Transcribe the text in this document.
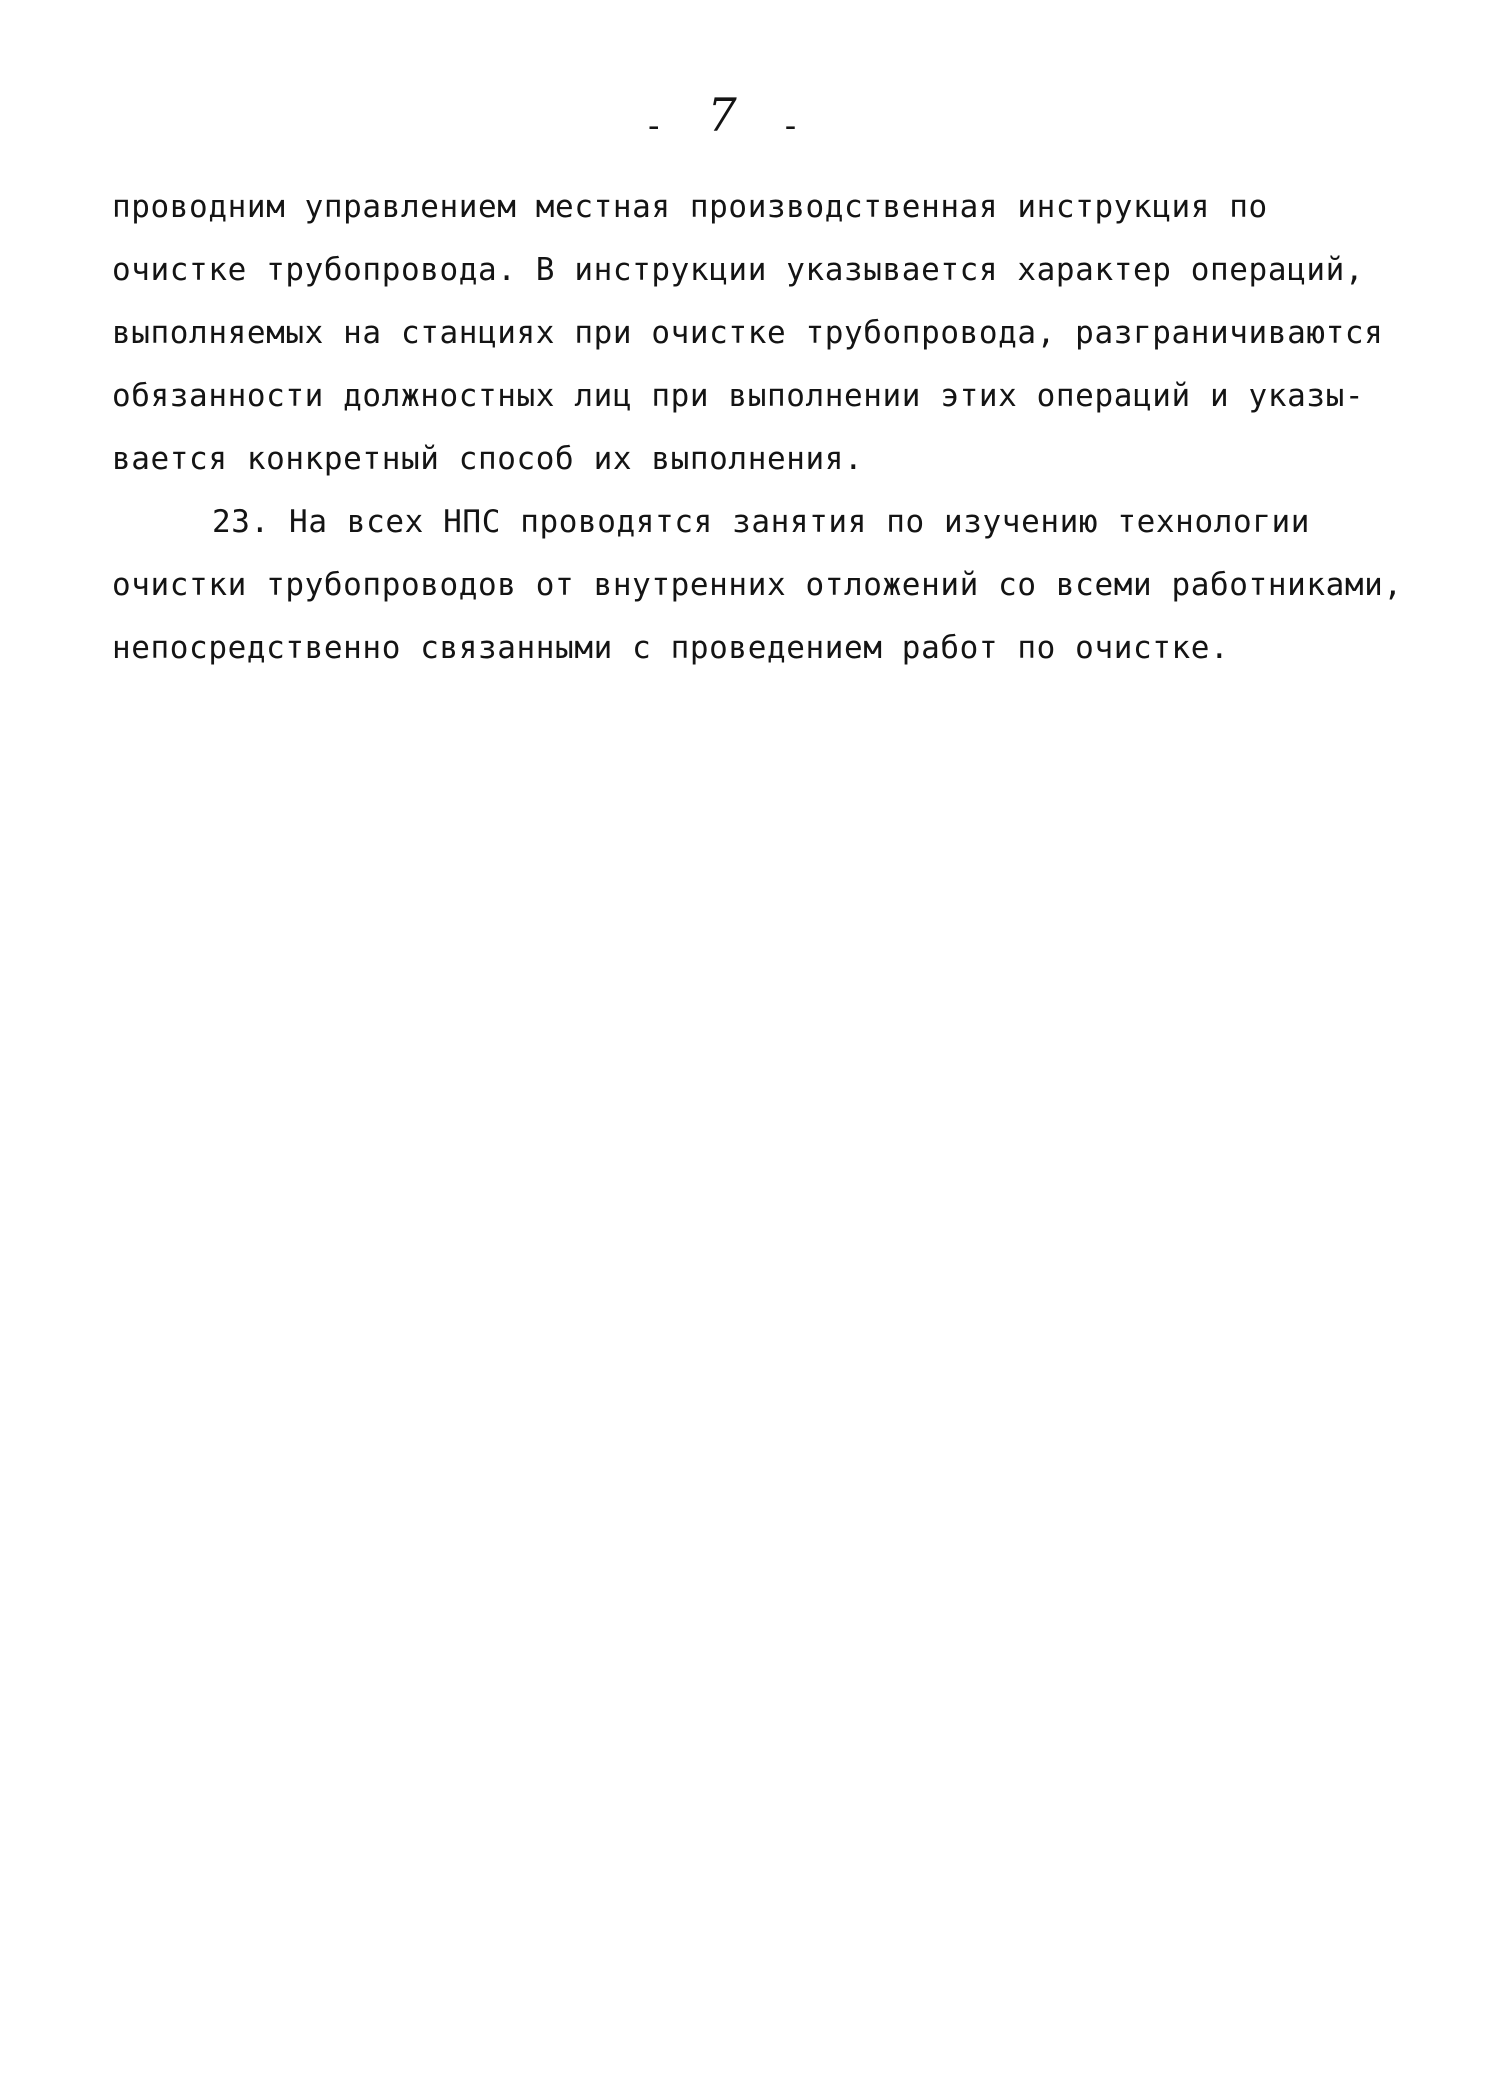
- 7 -
проводним управлением местная производственная инструкция по
очистке трубопровода. В инструкции указывается характер операций,
выполняемых на станциях при очистке трубопровода, разграничиваются
обязанности должностных лиц при выполнении этих операций и указы-
вается конкретный способ их выполнения.
23. На всех НПС проводятся занятия по изучению технологии
очистки трубопроводов от внутренних отложений со всеми работниками,
непосредственно связанными с проведением работ по очистке.
